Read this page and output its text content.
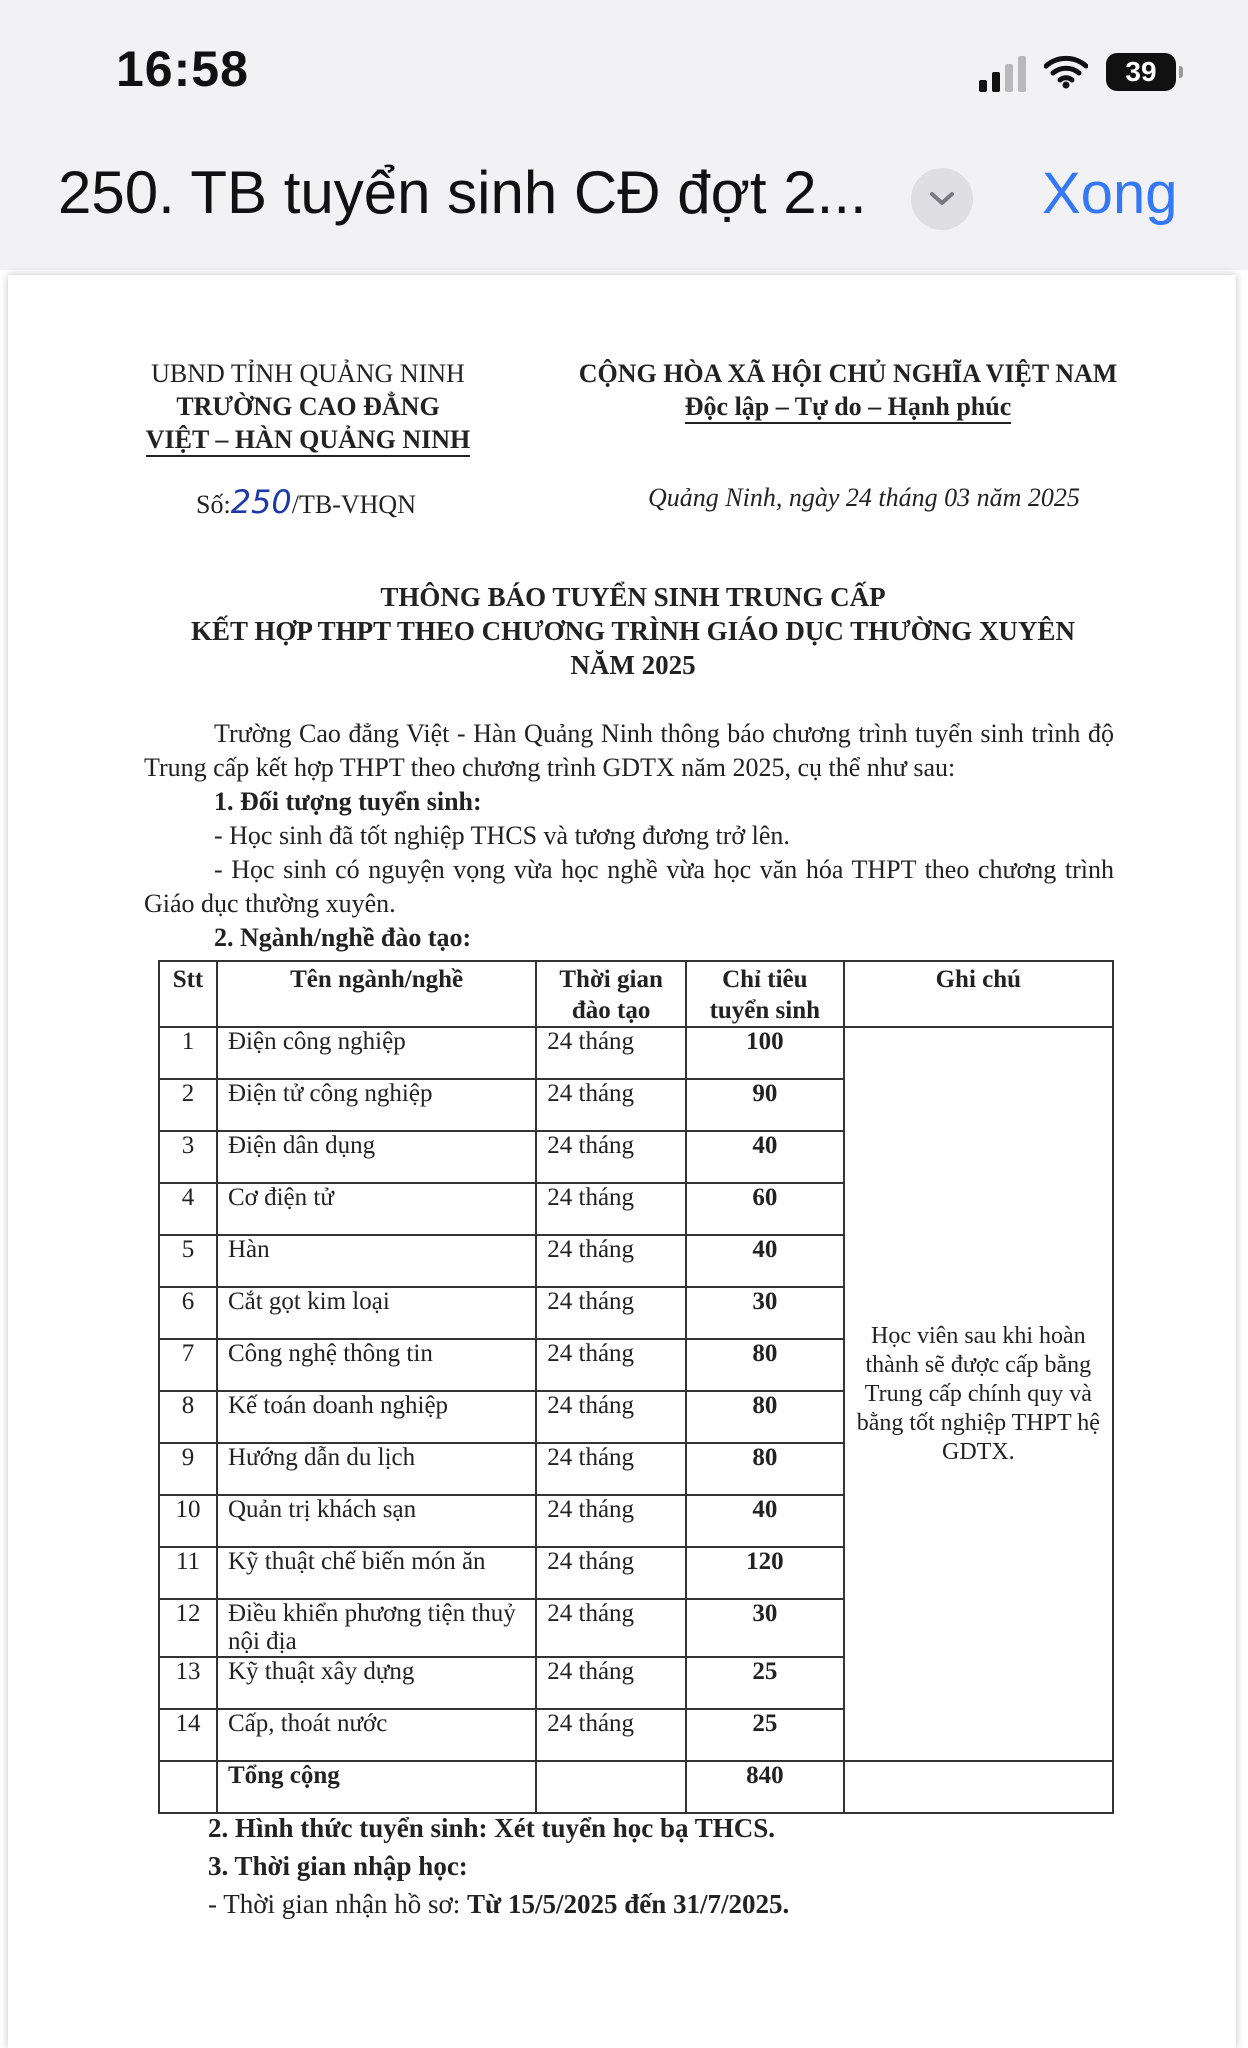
16:58	39
250. TB tuyển sinh CĐ đợt 2...	Xong
UBND TỈNH QUẢNG NINH
TRƯỜNG CAO ĐẲNG
VIỆT – HÀN QUẢNG NINH
CỘNG HÒA XÃ HỘI CHỦ NGHĨA VIỆT NAM
Độc lập – Tự do – Hạnh phúc
Số:250/TB-VHQN	Quảng Ninh, ngày 24 tháng 03 năm 2025
THÔNG BÁO TUYỂN SINH TRUNG CẤP
KẾT HỢP THPT THEO CHƯƠNG TRÌNH GIÁO DỤC THƯỜNG XUYÊN
NĂM 2025

Trường Cao đẳng Việt - Hàn Quảng Ninh thông báo chương trình tuyển sinh trình độ Trung cấp kết hợp THPT theo chương trình GDTX năm 2025, cụ thể như sau:

1. Đối tượng tuyển sinh:

- Học sinh đã tốt nghiệp THCS và tương đương trở lên.

- Học sinh có nguyện vọng vừa học nghề vừa học văn hóa THPT theo chương trình Giáo dục thường xuyên.

2. Ngành/nghề đào tạo:

Stt	Tên ngành/nghề	Thời gian đào tạo	Chỉ tiêu tuyển sinh	Ghi chú
1	Điện công nghiệp	24 tháng	100	Học viên sau khi hoàn thành sẽ được cấp bằng Trung cấp chính quy và bằng tốt nghiệp THPT hệ GDTX.
2	Điện tử công nghiệp	24 tháng	90	
3	Điện dân dụng	24 tháng	40	
4	Cơ điện tử	24 tháng	60	
5	Hàn	24 tháng	40	
6	Cắt gọt kim loại	24 tháng	30	
7	Công nghệ thông tin	24 tháng	80	
8	Kế toán doanh nghiệp	24 tháng	80	
9	Hướng dẫn du lịch	24 tháng	80	
10	Quản trị khách sạn	24 tháng	40	
11	Kỹ thuật chế biến món ăn	24 tháng	120	
12	Điều khiển phương tiện thuỷ nội địa	24 tháng	30	
13	Kỹ thuật xây dựng	24 tháng	25	
14	Cấp, thoát nước	24 tháng	25	
	Tổng cộng		840	

2. Hình thức tuyển sinh: Xét tuyển học bạ THCS.

3. Thời gian nhập học:

- Thời gian nhận hồ sơ: Từ 15/5/2025 đến 31/7/2025.
